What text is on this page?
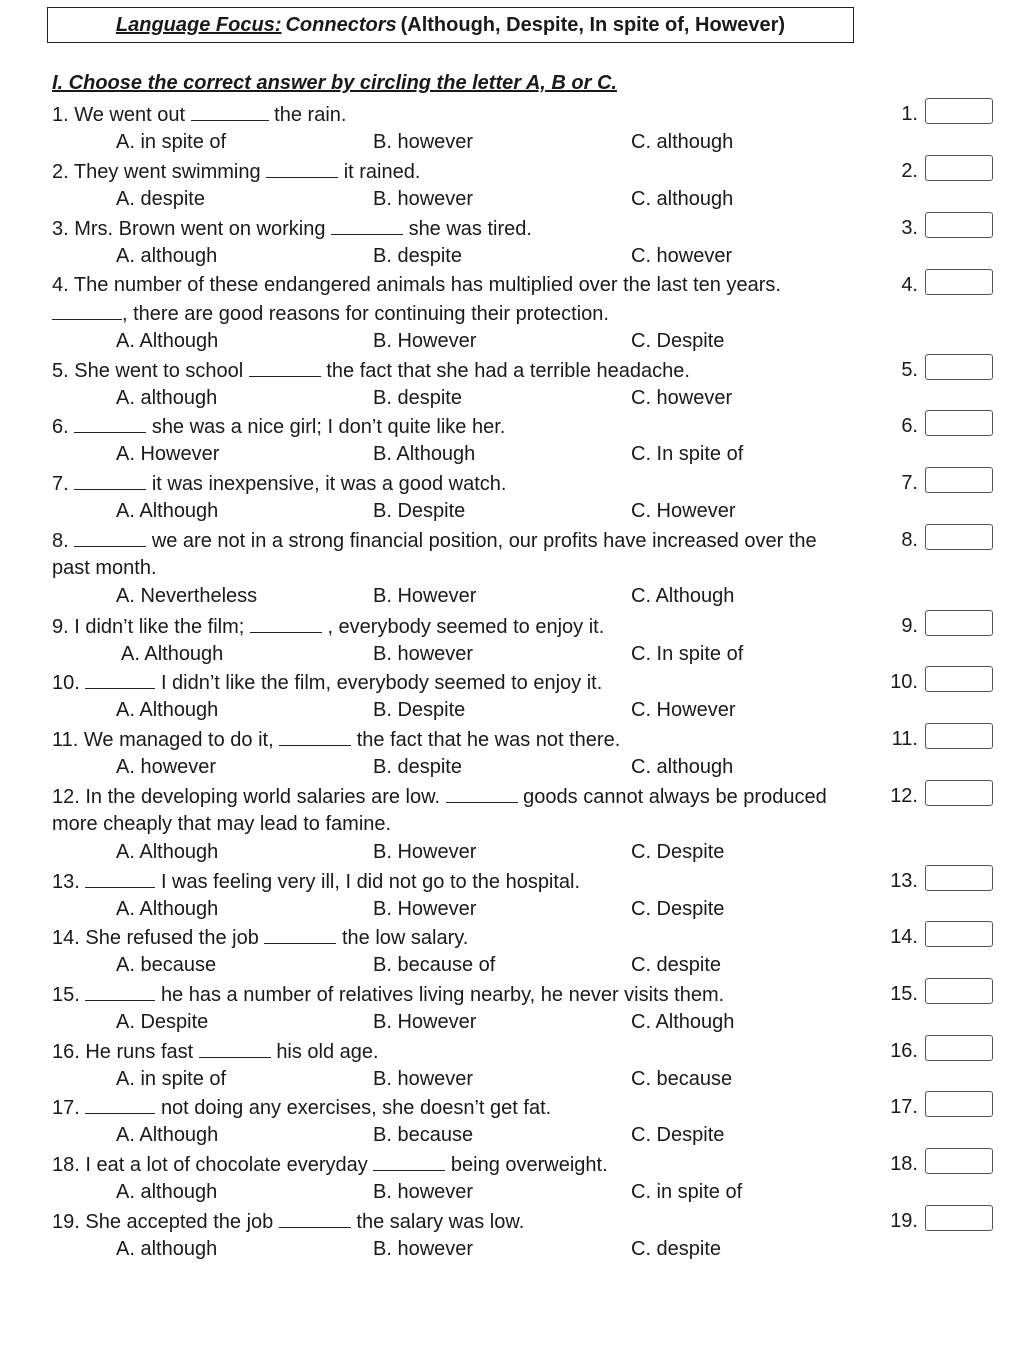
Language Focus: Connectors (Although, Despite, In spite of, However)
I. Choose the correct answer by circling the letter A, B or C.
1. We went out	the rain.
A. in spite of	B. however	C. although
1.
2. They went swimming	it rained.
A. despite	B. however	C. although
2.
3. Mrs. Brown went on working	she was tired.
A. although	B. despite	C. however
3.
4. The number of these endangered animals has multiplied over the last ten years.
, there are good reasons for continuing their protection.
A. Although	B. However	C. Despite
4.
5. She went to school	the fact that she had a terrible headache.
A. although	B. despite	C. however
5.
6.	she was a nice girl; I don’t quite like her.
A. However	B. Although	C. In spite of
6.
7.	it was inexpensive, it was a good watch.
A. Although	B. Despite	C. However
7.
8.	we are not in a strong financial position, our profits have increased over the
past month.
A. Nevertheless	B. However	C. Although
8.
9. I didn’t like the film;	, everybody seemed to enjoy it.
A. Although	B. however	C. In spite of
9.
10.	I didn’t like the film, everybody seemed to enjoy it.
A. Although	B. Despite	C. However
10.
11. We managed to do it,	the fact that he was not there.
A. however	B. despite	C. although
11.
12. In the developing world salaries are low.	goods cannot always be produced
more cheaply that may lead to famine.
A. Although	B. However	C. Despite
12.
13.	I was feeling very ill, I did not go to the hospital.
A. Although	B. However	C. Despite
13.
14. She refused the job	the low salary.
A. because	B. because of	C. despite
14.
15.	he has a number of relatives living nearby, he never visits them.
A. Despite	B. However	C. Although
15.
16. He runs fast	his old age.
A. in spite of	B. however	C. because
16.
17.	not doing any exercises, she doesn’t get fat.
A. Although	B. because	C. Despite
17.
18. I eat a lot of chocolate everyday	being overweight.
A. although	B. however	C. in spite of
18.
19. She accepted the job	the salary was low.
A. although	B. however	C. despite
19.
